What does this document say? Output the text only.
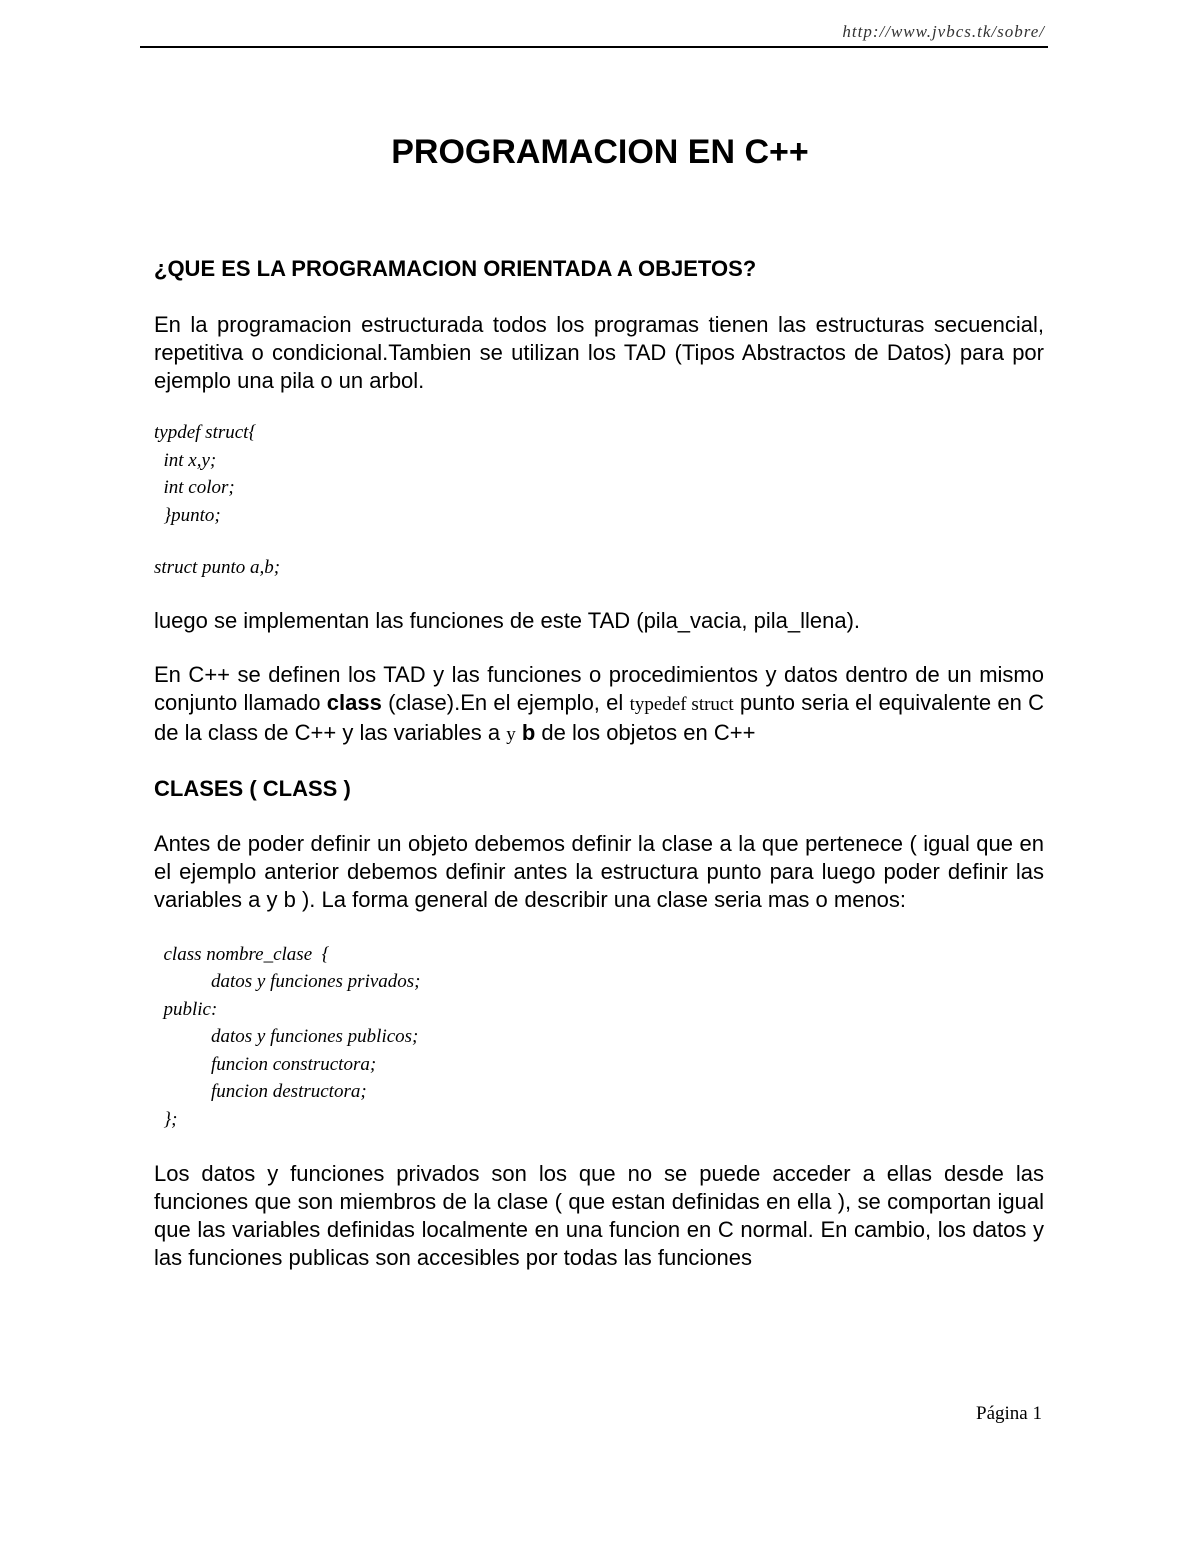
http://www.jvbcs.tk/sobre/
PROGRAMACION EN C++

¿QUE ES LA PROGRAMACION ORIENTADA A OBJETOS?

En la programacion estructurada todos los programas tienen las estructuras secuencial, repetitiva o condicional.Tambien se utilizan los TAD (Tipos Abstractos de Datos) para por ejemplo una pila o un arbol.

typdef struct{
int x,y;
int color;
}punto;
struct punto a,b;

luego se implementan las funciones de este TAD (pila_vacia, pila_llena).

En C++ se definen los TAD y las funciones o procedimientos y datos dentro de un mismo conjunto llamado class (clase).En el ejemplo, el typedef struct punto seria el equivalente en C de la class de C++ y las variables a y b de los objetos en C++

CLASES ( CLASS )

Antes de poder definir un objeto debemos definir la clase a la que pertenece ( igual que en el ejemplo anterior debemos definir antes la estructura punto para luego poder definir las variables a y b ). La forma general de describir una clase seria mas o menos:

class nombre_clase  {
datos y funciones privados;
public:
datos y funciones publicos;
funcion constructora;
funcion destructora;
};

Los datos y funciones privados son los que no se puede acceder a ellas desde las funciones que son miembros de la clase ( que estan definidas en ella ), se comportan igual que las variables definidas localmente en una funcion en C normal. En cambio, los datos y las funciones publicas son accesibles por todas las funciones

Página 1
